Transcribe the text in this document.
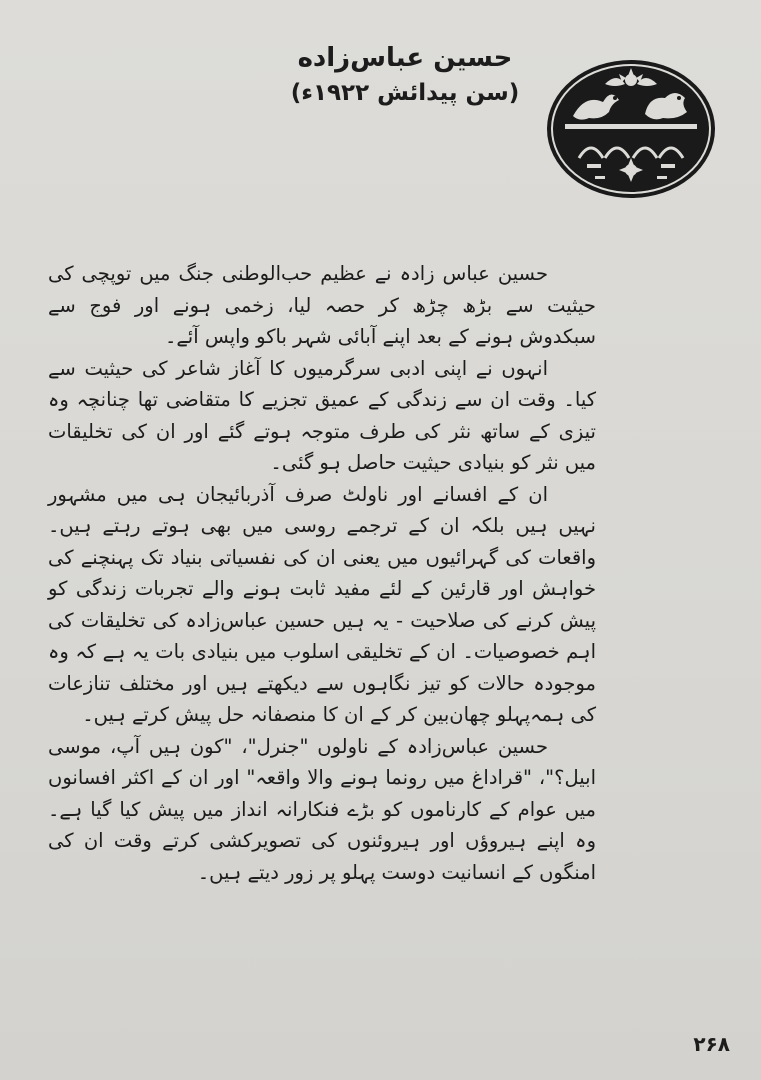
حسین عباس‌زاده
(سن پیدائش ۱۹۲۲ء)

حسین عباس زادہ نے عظیم حب‌الوطنی جنگ میں توپچی کی حیثیت سے بڑھ چڑھ کر حصہ لیا، زخمی ہونے اور فوج سے سبکدوش ہونے کے بعد اپنے آبائی شہر باکو واپس آئے۔

انہوں نے اپنی ادبی سرگرمیوں کا آغاز شاعر کی حیثیت سے کیا۔ وقت ان سے زندگی کے عمیق تجزیے کا متقاضی تھا چنانچہ وہ تیزی کے ساتھ نثر کی طرف متوجہ ہوتے گئے اور ان کی تخلیقات میں نثر کو بنیادی حیثیت حاصل ہو گئی۔

ان کے افسانے اور ناولٹ صرف آذربائیجان ہی میں مشہور نہیں ہیں بلکہ ان کے ترجمے روسی میں بھی ہوتے رہتے ہیں۔ واقعات کی گہرائیوں میں یعنی ان کی نفسیاتی بنیاد تک پہنچنے کی خواہش اور قارئین کے لئے مفید ثابت ہونے والے تجربات زندگی کو پیش کرنے کی صلاحیت - یہ ہیں حسین عباس‌زادہ کی تخلیقات کی اہم خصوصیات۔ ان کے تخلیقی اسلوب میں بنیادی بات یہ ہے کہ وہ موجودہ حالات کو تیز نگاہوں سے دیکھتے ہیں اور مختلف تنازعات کی ہمہ‌پہلو چھان‌بین کر کے ان کا منصفانہ حل پیش کرتے ہیں۔

حسین عباس‌زادہ کے ناولوں "جنرل"، "کون ہیں آپ، موسی ابیل؟"، "قراداغ میں رونما ہونے والا واقعہ" اور ان کے اکثر افسانوں میں عوام کے کارناموں کو بڑے فنکارانہ انداز میں پیش کیا گیا ہے۔ وہ اپنے ہیروؤں اور ہیروئنوں کی تصویرکشی کرتے وقت ان کی امنگوں کے انسانیت دوست پہلو پر زور دیتے ہیں۔

۲۶۸
